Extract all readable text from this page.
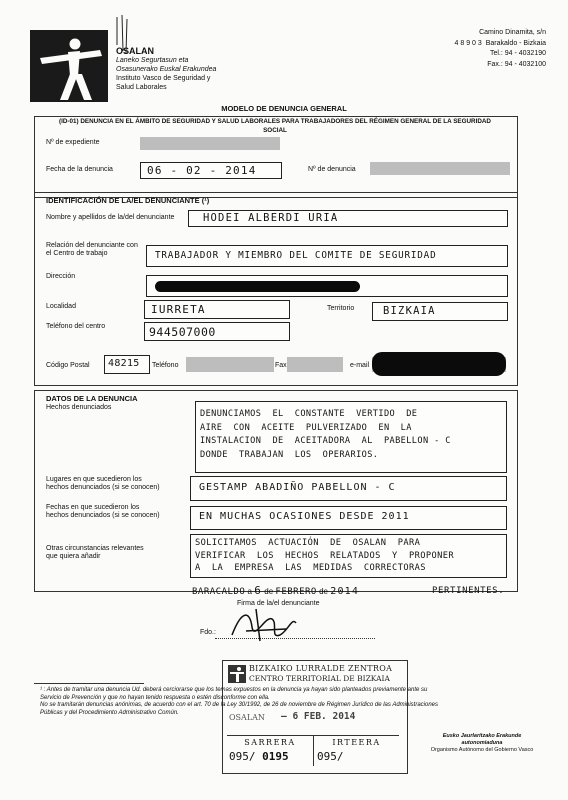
OSALAN
Laneko Segurtasun eta
Osasunerako Euskal Erakundea
Instituto Vasco de Seguridad y
Salud Laborales
Camino Dinamita, s/n
4 8 9 0 3 Barakaldo - Bizkaia
Tel.: 94 - 4032190
Fax.: 94 - 4032100
MODELO DE DENUNCIA GENERAL
(ID-01) DENUNCIA EN EL ÁMBITO DE SEGURIDAD Y SALUD LABORALES PARA TRABAJADORES DEL RÉGIMEN GENERAL DE LA SEGURIDAD
SOCIAL
Nº de expediente
Fecha de la denuncia	06 - 02 - 2014	Nº de denuncia
IDENTIFICACIÓN DE LA/EL DENUNCIANTE (¹)
Nombre y apellidos de la/del denunciante	HODEI ALBERDI URIA
Relación del denunciante con
el Centro de trabajo	TRABAJADOR Y MIEMBRO DEL COMITE DE SEGURIDAD
Dirección
Localidad	IURRETA	Territorio	BIZKAIA
Teléfono del centro	944507000
Código Postal 48215 Teléfono	Fax	e-mail
DATOS DE LA DENUNCIA
Hechos denunciados
DENUNCIAMOS  EL  CONSTANTE  VERTIDO  DE
AIRE  CON  ACEITE  PULVERIZADO  EN  LA
INSTALACION  DE  ACEITADORA  AL  PABELLON - C
DONDE  TRABAJAN  LOS  OPERARIOS.
Lugares en que sucedieron los
hechos denunciados (si se conocen)	GESTAMP ABADIÑO PABELLON - C
Fechas en que sucedieron los
hechos denunciados (si se conocen)	EN MUCHAS OCASIONES DESDE 2011
Otras circunstancias relevantes
que quiera añadir
SOLICITAMOS  ACTUACIÓN  DE  OSALAN  PARA
VERIFICAR  LOS  HECHOS  RELATADOS  Y  PROPONER
A  LA  EMPRESA  LAS  MEDIDAS  CORRECTORAS
PERTINENTES.
BARACALDO a 6 de FEBRERO de 2014
Firma de la/el denunciante
Fdo.:
BIZKAIKO LURRALDE ZENTROA
CENTRO TERRITORIAL DE BIZKAIA
OSALAN – 6 FEB. 2014
SARRERA	IRTEERA
095/ 0195	095/
¹ : Antes de tramitar una denuncia Ud. deberá cerciorarse que los temas expuestos en la denuncia ya hayan sido planteados previamente ante su
Servicio de Prevención y que no hayan tenido respuesta o estén disconforme con ella.
No se tramitarán denuncias anónimas, de acuerdo con el art. 70 de la Ley 30/1992, de 26 de noviembre de Régimen Jurídico de las Administraciones
Públicas y del Procedimiento Administrativo Común.
Eusko Jaurlaritzako Erakunde
autonomiaduna
Organismo Autónomo del Gobierno Vasco
